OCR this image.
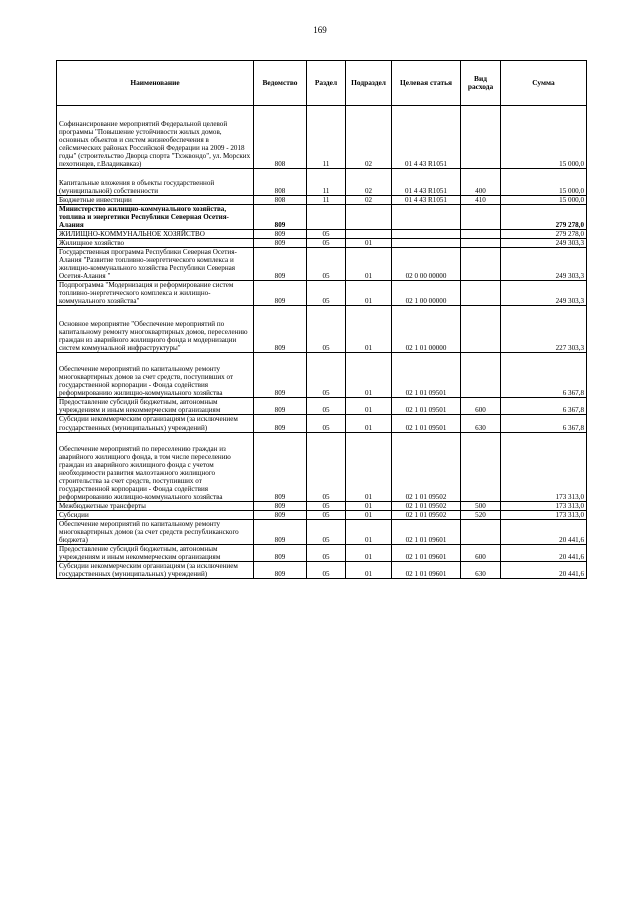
169
Наименование	Ведомство	Раздел	Подраздел	Целевая статья	Вид расхода	Сумма
Софинансирование мероприятий Федеральной целевой программы "Повышение устойчивости жилых домов, основных объектов и систем жизнеобеспечения в сейсмических районах Российской Федерации на 2009 - 2018 годы" (строительство Дворца спорта "Тхэквондо", ул. Морских пехотинцев, г.Владикавказ)	808	11	02	01 4 43 R1051		15 000,0
Капитальные вложения в объекты государственной (муниципальной) собственности	808	11	02	01 4 43 R1051	400	15 000,0
Бюджетные инвестиции	808	11	02	01 4 43 R1051	410	15 000,0
Министерство жилищно-коммунального хозяйства, топлива и энергетики Республики Северная Осетия-Алания	809					279 278,0
ЖИЛИЩНО-КОММУНАЛЬНОЕ ХОЗЯЙСТВО	809	05				279 278,0
Жилищное хозяйство	809	05	01			249 303,3
Государственная программа Республики Северная Осетия-Алания "Развитие топливно-энергетического комплекса и жилищно-коммунального хозяйства Республики Северная Осетия-Алания "	809	05	01	02 0 00 00000		249 303,3
Подпрограмма "Модернизация и реформирование систем топливно-энергетического комплекса и жилищно-коммунального хозяйства"	809	05	01	02 1 00 00000		249 303,3
Основное мероприятие "Обеспечение мероприятий по капитальному ремонту многоквартирных домов, переселению граждан из аварийного жилищного фонда и модернизации систем коммунальной инфраструктуры"	809	05	01	02 1 01 00000		227 303,3
Обеспечение мероприятий по капитальному ремонту многоквартирных домов за счет средств, поступивших от государственной корпорации - Фонда содействия реформированию жилищно-коммунального хозяйства	809	05	01	02 1 01 09501		6 367,8
Предоставление субсидий бюджетным, автономным учреждениям и иным некоммерческим организациям	809	05	01	02 1 01 09501	600	6 367,8
Субсидии некоммерческим организациям (за исключением государственных (муниципальных) учреждений)	809	05	01	02 1 01 09501	630	6 367,8
Обеспечение мероприятий по переселению граждан из аварийного жилищного фонда, в том числе переселению граждан из аварийного жилищного фонда с учетом необходимости развития малоэтажного жилищного строительства за счет средств, поступивших от государственной корпорации - Фонда содействия реформированию жилищно-коммунального хозяйства	809	05	01	02 1 01 09502		173 313,0
Межбюджетные трансферты	809	05	01	02 1 01 09502	500	173 313,0
Субсидии	809	05	01	02 1 01 09502	520	173 313,0
Обеспечение мероприятий по капитальному ремонту многоквартирных домов (за счет средств республиканского бюджета)	809	05	01	02 1 01 09601		20 441,6
Предоставление субсидий бюджетным, автономным учреждениям и иным некоммерческим организациям	809	05	01	02 1 01 09601	600	20 441,6
Субсидии некоммерческим организациям (за исключением государственных (муниципальных) учреждений)	809	05	01	02 1 01 09601	630	20 441,6
